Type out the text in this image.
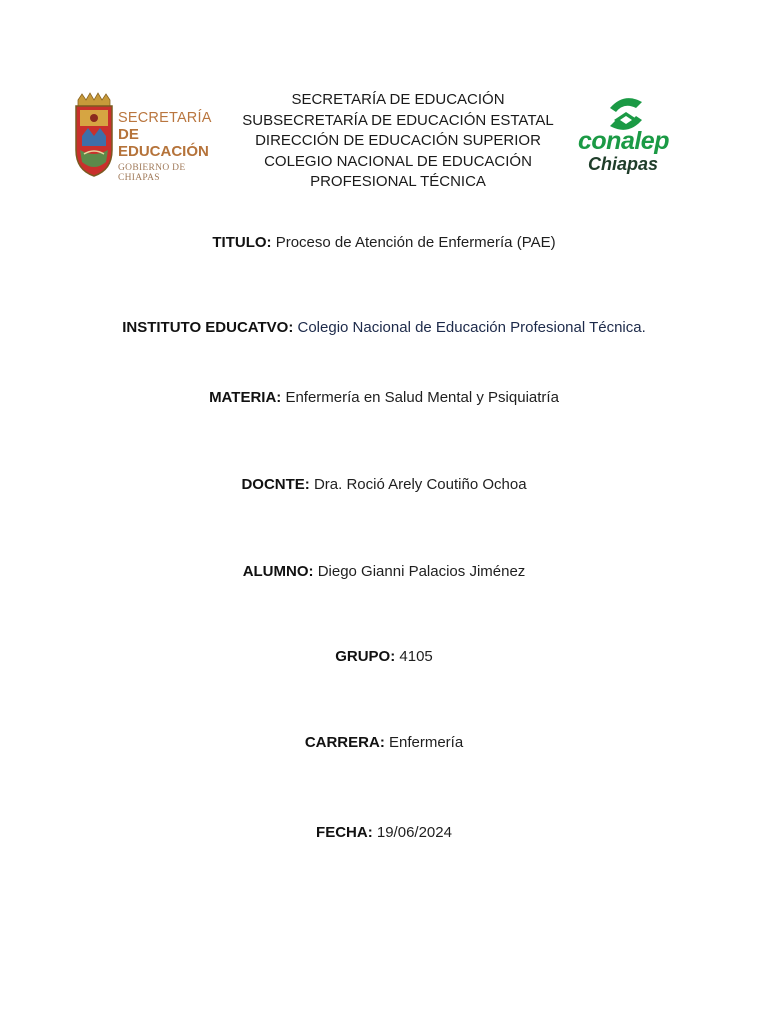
SECRETARÍA
DE EDUCACIÓN
GOBIERNO DE CHIAPAS
SECRETARÍA DE EDUCACIÓN
SUBSECRETARÍA DE EDUCACIÓN ESTATAL
DIRECCIÓN DE EDUCACIÓN SUPERIOR
COLEGIO NACIONAL DE EDUCACIÓN
PROFESIONAL TÉCNICA
conalep
Chiapas
TITULO: Proceso de Atención de Enfermería (PAE)
INSTITUTO EDUCATVO: Colegio Nacional de Educación Profesional Técnica.
MATERIA: Enfermería en Salud Mental y Psiquiatría
DOCNTE: Dra. Roció Arely Coutiño Ochoa
ALUMNO: Diego Gianni Palacios Jiménez
GRUPO: 4105
CARRERA: Enfermería
FECHA: 19/06/2024
